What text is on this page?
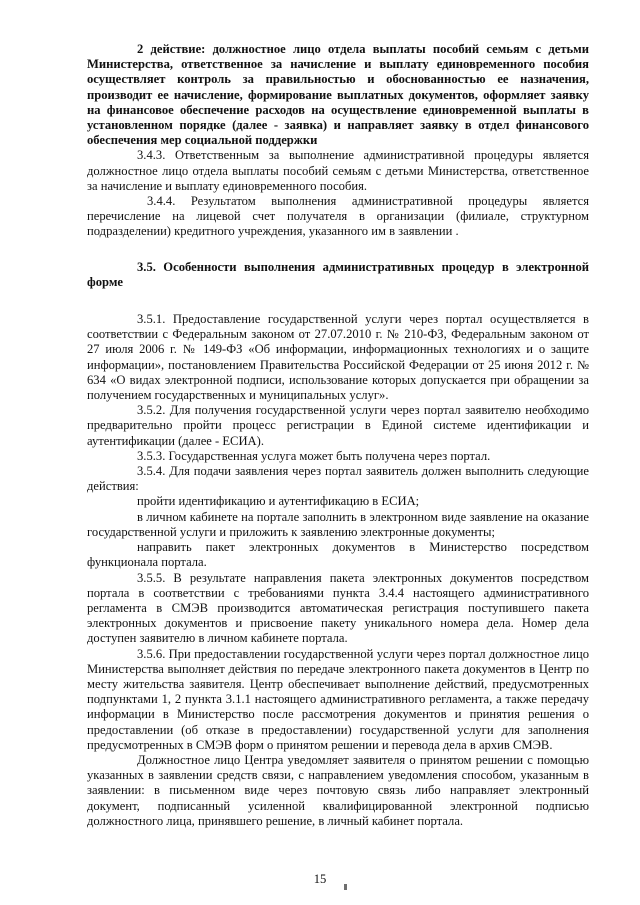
2 действие: должностное лицо отдела выплаты пособий семьям с детьми Министерства, ответственное за начисление и выплату единовременного пособия осуществляет контроль за правильностью и обоснованностью ее назначения, производит ее начисление, формирование выплатных документов, оформляет заявку на финансовое обеспечение расходов на осуществление единовременной выплаты в установленном порядке (далее - заявка) и направляет заявку в отдел финансового обеспечения мер социальной поддержки

3.4.3. Ответственным за выполнение административной процедуры является должностное лицо отдела выплаты пособий семьям с детьми Министерства, ответственное за начисление и выплату единовременного пособия.

3.4.4. Результатом выполнения административной процедуры является перечисление на лицевой счет получателя в организации (филиале, структурном подразделении) кредитного учреждения, указанного им в заявлении .

3.5. Особенности выполнения административных процедур в электронной форме

3.5.1. Предоставление государственной услуги через портал осуществляется в соответствии с Федеральным законом от 27.07.2010 г. № 210-ФЗ, Федеральным законом от 27 июля 2006 г. № 149-ФЗ «Об информации, информационных технологиях и о защите информации», постановлением Правительства Российской Федерации от 25 июня 2012 г. № 634 «О видах электронной подписи, использование которых допускается при обращении за получением государственных и муниципальных услуг».

3.5.2. Для получения государственной услуги через портал заявителю необходимо предварительно пройти процесс регистрации в Единой системе идентификации и аутентификации (далее - ЕСИА).

3.5.3. Государственная услуга может быть получена через портал.

3.5.4. Для подачи заявления через портал заявитель должен выполнить следующие действия:

пройти идентификацию и аутентификацию в ЕСИА;

в личном кабинете на портале заполнить в электронном виде заявление на оказание государственной услуги и приложить к заявлению электронные документы;

направить пакет электронных документов в Министерство посредством функционала портала.

3.5.5. В результате направления пакета электронных документов посредством портала в соответствии с требованиями пункта 3.4.4 настоящего административного регламента в СМЭВ производится автоматическая регистрация поступившего пакета электронных документов и присвоение пакету уникального номера дела. Номер дела доступен заявителю в личном кабинете портала.

3.5.6. При предоставлении государственной услуги через портал должностное лицо Министерства выполняет действия по передаче электронного пакета документов в Центр по месту жительства заявителя. Центр обеспечивает выполнение действий, предусмотренных подпунктами 1, 2 пункта 3.1.1 настоящего административного регламента, а также передачу информации в Министерство после рассмотрения документов и принятия решения о предоставлении (об отказе в предоставлении) государственной услуги для заполнения предусмотренных в СМЭВ форм о принятом решении и перевода дела в архив СМЭВ.

Должностное лицо Центра уведомляет заявителя о принятом решении с помощью указанных в заявлении средств связи, с направлением уведомления способом, указанным в заявлении: в письменном виде через почтовую связь либо направляет электронный документ, подписанный усиленной квалифицированной электронной подписью должностного лица, принявшего решение, в личный кабинет портала.

15
